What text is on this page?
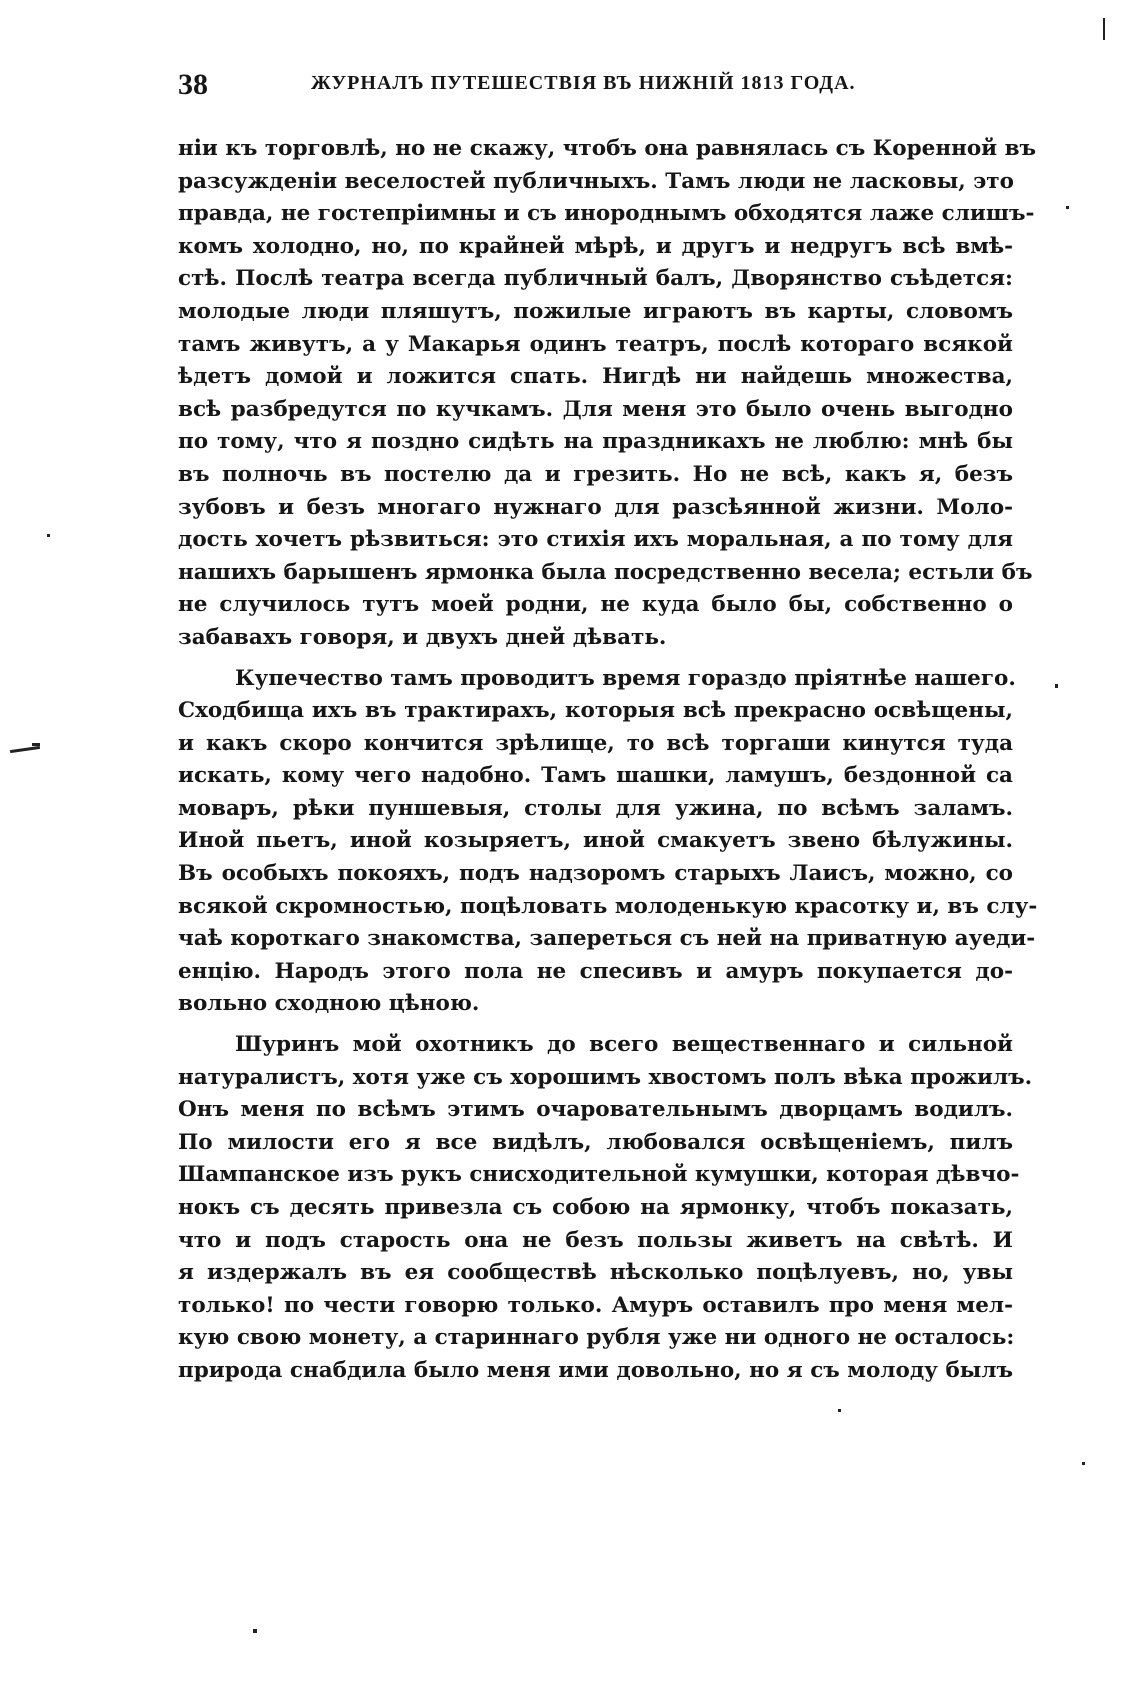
38	ЖУРНАЛЪ ПУТЕШЕСТВІЯ ВЪ НИЖНІЙ 1813 ГОДА.
ніи къ торговлѣ, но не скажу, чтобъ она равнялась съ Коренной въ
разсужденіи веселостей публичныхъ. Тамъ люди не ласковы, это
правда, не гостепріимны и съ инороднымъ обходятся лаже слишъ-
комъ холодно, но, по крайней мѣрѣ, и другъ и недругъ всѣ вмѣ-
стѣ. Послѣ театра всегда публичный балъ, Дворянство съѣдется:
молодые люди пляшутъ, пожилые играютъ въ карты, словомъ
тамъ живутъ, а у Макарья одинъ театръ, послѣ котораго всякой
ѣдетъ домой и ложится спать. Нигдѣ ни найдешь множества,
всѣ разбредутся по кучкамъ. Для меня это было очень выгодно
по тому, что я поздно сидѣть на праздникахъ не люблю: мнѣ бы
въ полночь въ постелю да и грезить. Но не всѣ, какъ я, безъ
зубовъ и безъ многаго нужнаго для разсѣянной жизни. Моло-
дость хочетъ рѣзвиться: это стихія ихъ моральная, а по тому для
нашихъ барышенъ ярмонка была посредственно весела; естьли бъ
не случилось тутъ моей родни, не куда было бы, собственно о
забавахъ говоря, и двухъ дней дѣвать.
Купечество тамъ проводитъ время гораздо пріятнѣе нашего.
Сходбища ихъ въ трактирахъ, которыя всѣ прекрасно освѣщены,
и какъ скоро кончится зрѣлище, то всѣ торгаши кинутся туда
искать, кому чего надобно. Тамъ шашки, ламушъ, бездонной са
моваръ, рѣки пуншевыя, столы для ужина, по всѣмъ заламъ.
Иной пьетъ, иной козыряетъ, иной смакуетъ звено бѣлужины.
Въ особыхъ покояхъ, подъ надзоромъ старыхъ Лаисъ, можно, со
всякой скромностью, поцѣловать молоденькую красотку и, въ слу-
чаѣ короткаго знакомства, запереться съ ней на приватную ауеди-
енцію. Народъ этого пола не спесивъ и амуръ покупается до-
вольно сходною цѣною.
Шуринъ мой охотникъ до всего вещественнаго и сильной
натуралистъ, хотя уже съ хорошимъ хвостомъ полъ вѣка прожилъ.
Онъ меня по всѣмъ этимъ очаровательнымъ дворцамъ водилъ.
По милости его я все видѣлъ, любовался освѣщеніемъ, пилъ
Шампанское изъ рукъ снисходительной кумушки, которая дѣвчо-
нокъ съ десять привезла съ собою на ярмонку, чтобъ показать,
что и подъ старость она не безъ пользы живетъ на свѣтѣ. И
я издержалъ въ ея сообществѣ нѣсколько поцѣлуевъ, но, увы
только! по чести говорю только. Амуръ оставилъ про меня мел-
кую свою монету, а стариннаго рубля уже ни одного не осталось:
природа снабдила было меня ими довольно, но я съ молоду былъ
